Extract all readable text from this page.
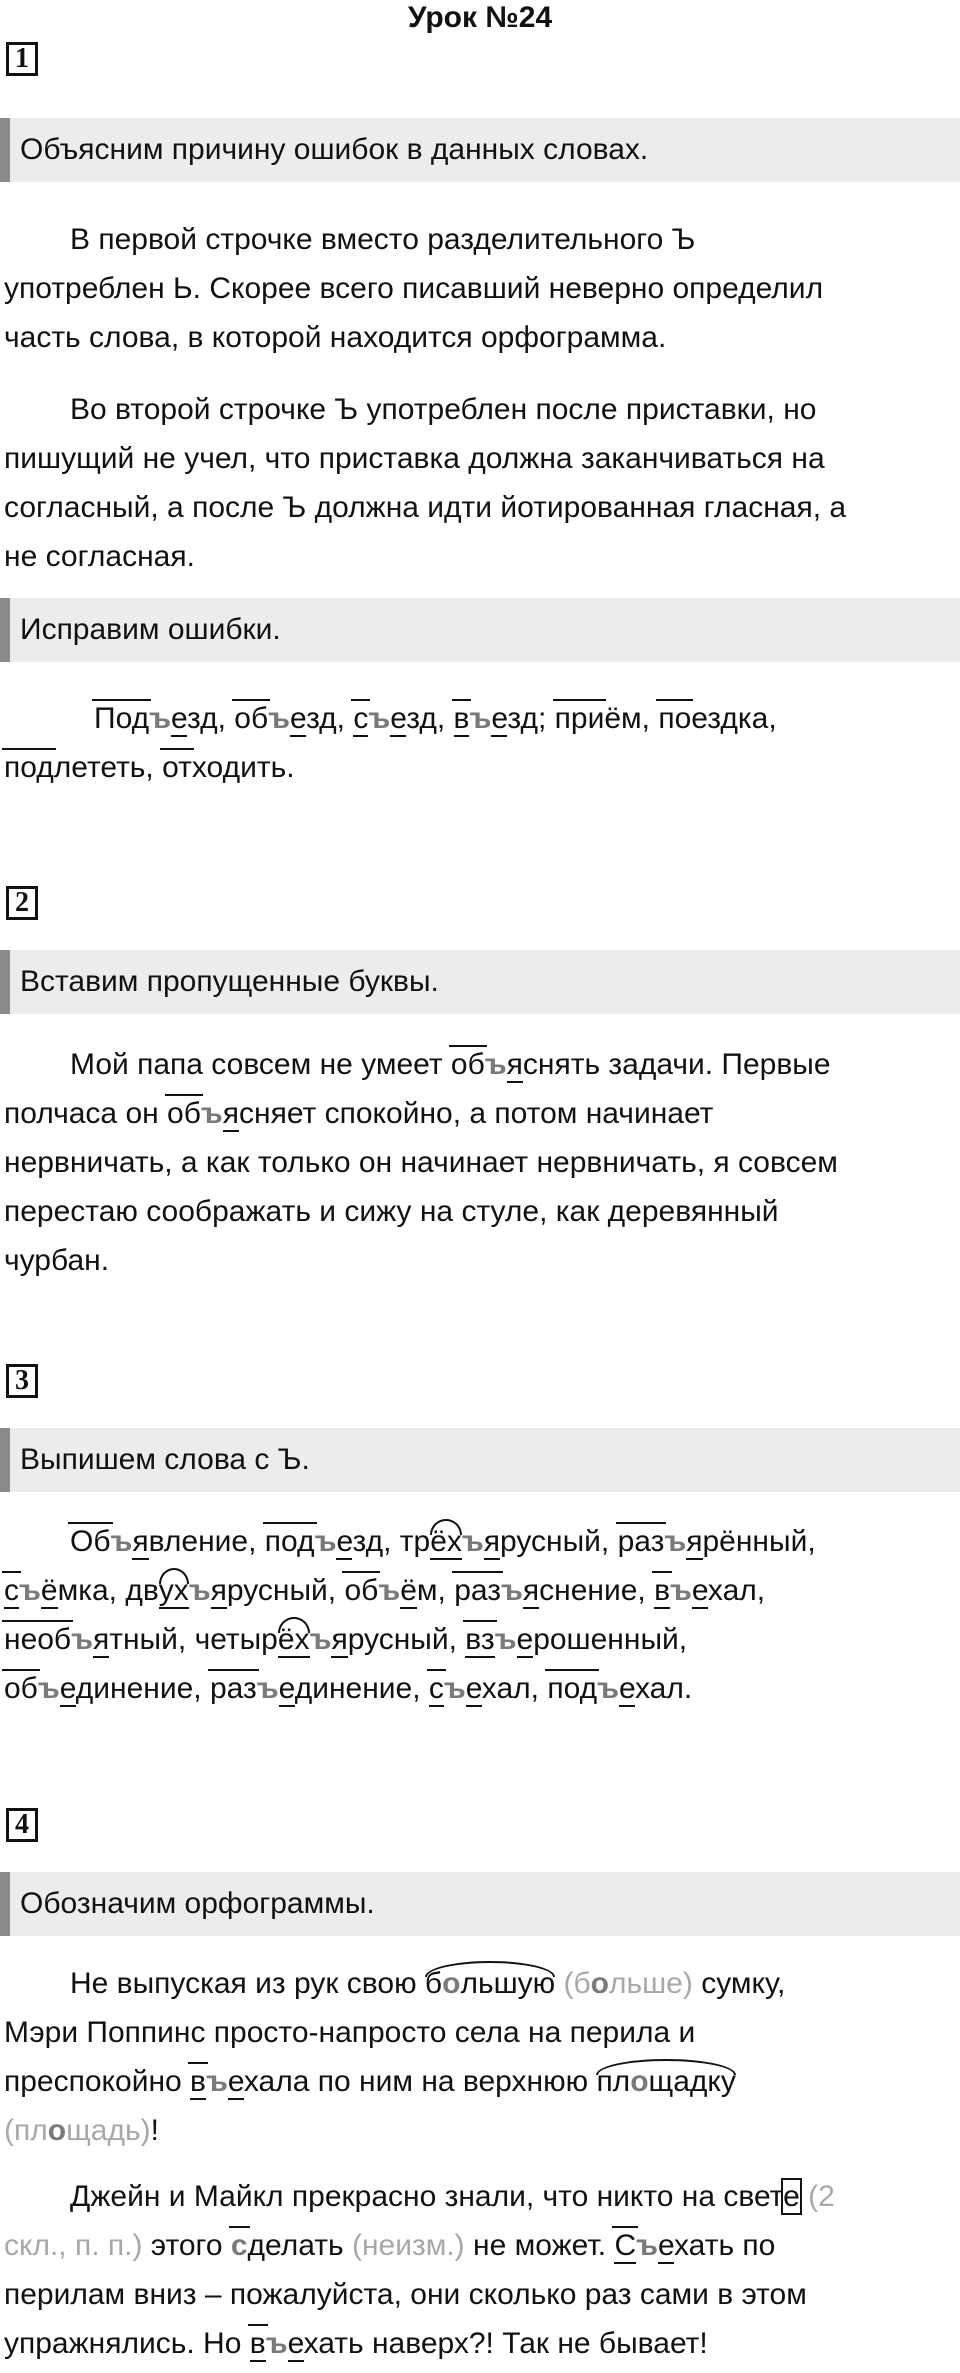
Урок №24
1
Объясним причину ошибок в данных словах.
В первой строчке вместо разделительного Ъ
употреблен Ь. Скорее всего писавший неверно определил
часть слова, в которой находится орфограмма.
Во второй строчке Ъ употреблен после приставки, но
пишущий не учел, что приставка должна заканчиваться на
согласный, а после Ъ должна идти йотированная гласная, а
не согласная.
Исправим ошибки.
Подъезд, объезд, съезд, въезд; приём, поездка,
подлететь, отходить.
2
Вставим пропущенные буквы.
Мой папа совсем не умеет объяснять задачи. Первые
полчаса он объясняет спокойно, а потом начинает
нервничать, а как только он начинает нервничать, я совсем
перестаю соображать и сижу на стуле, как деревянный
чурбан.
3
Выпишем слова с Ъ.
Объявление, подъезд, трёхъярусный, разъярённый,
съёмка, двухъярусный, объём, разъяснение, въехал,
необъятный, четырёхъярусный, взъерошенный,
объединение, разъединение, съехал, подъехал.
4
Обозначим орфограммы.
Не выпуская из рук свою большую (больше) сумку,
Мэри Поппинс просто-напросто села на перила и
преспокойно въехала по ним на верхнюю площадку
(площадь)!
Джейн и Майкл прекрасно знали, что никто на свете (2
скл., п. п.) этого сделать (неизм.) не может. Съехать по
перилам вниз – пожалуйста, они сколько раз сами в этом
упражнялись. Но въехать наверх?! Так не бывает!
